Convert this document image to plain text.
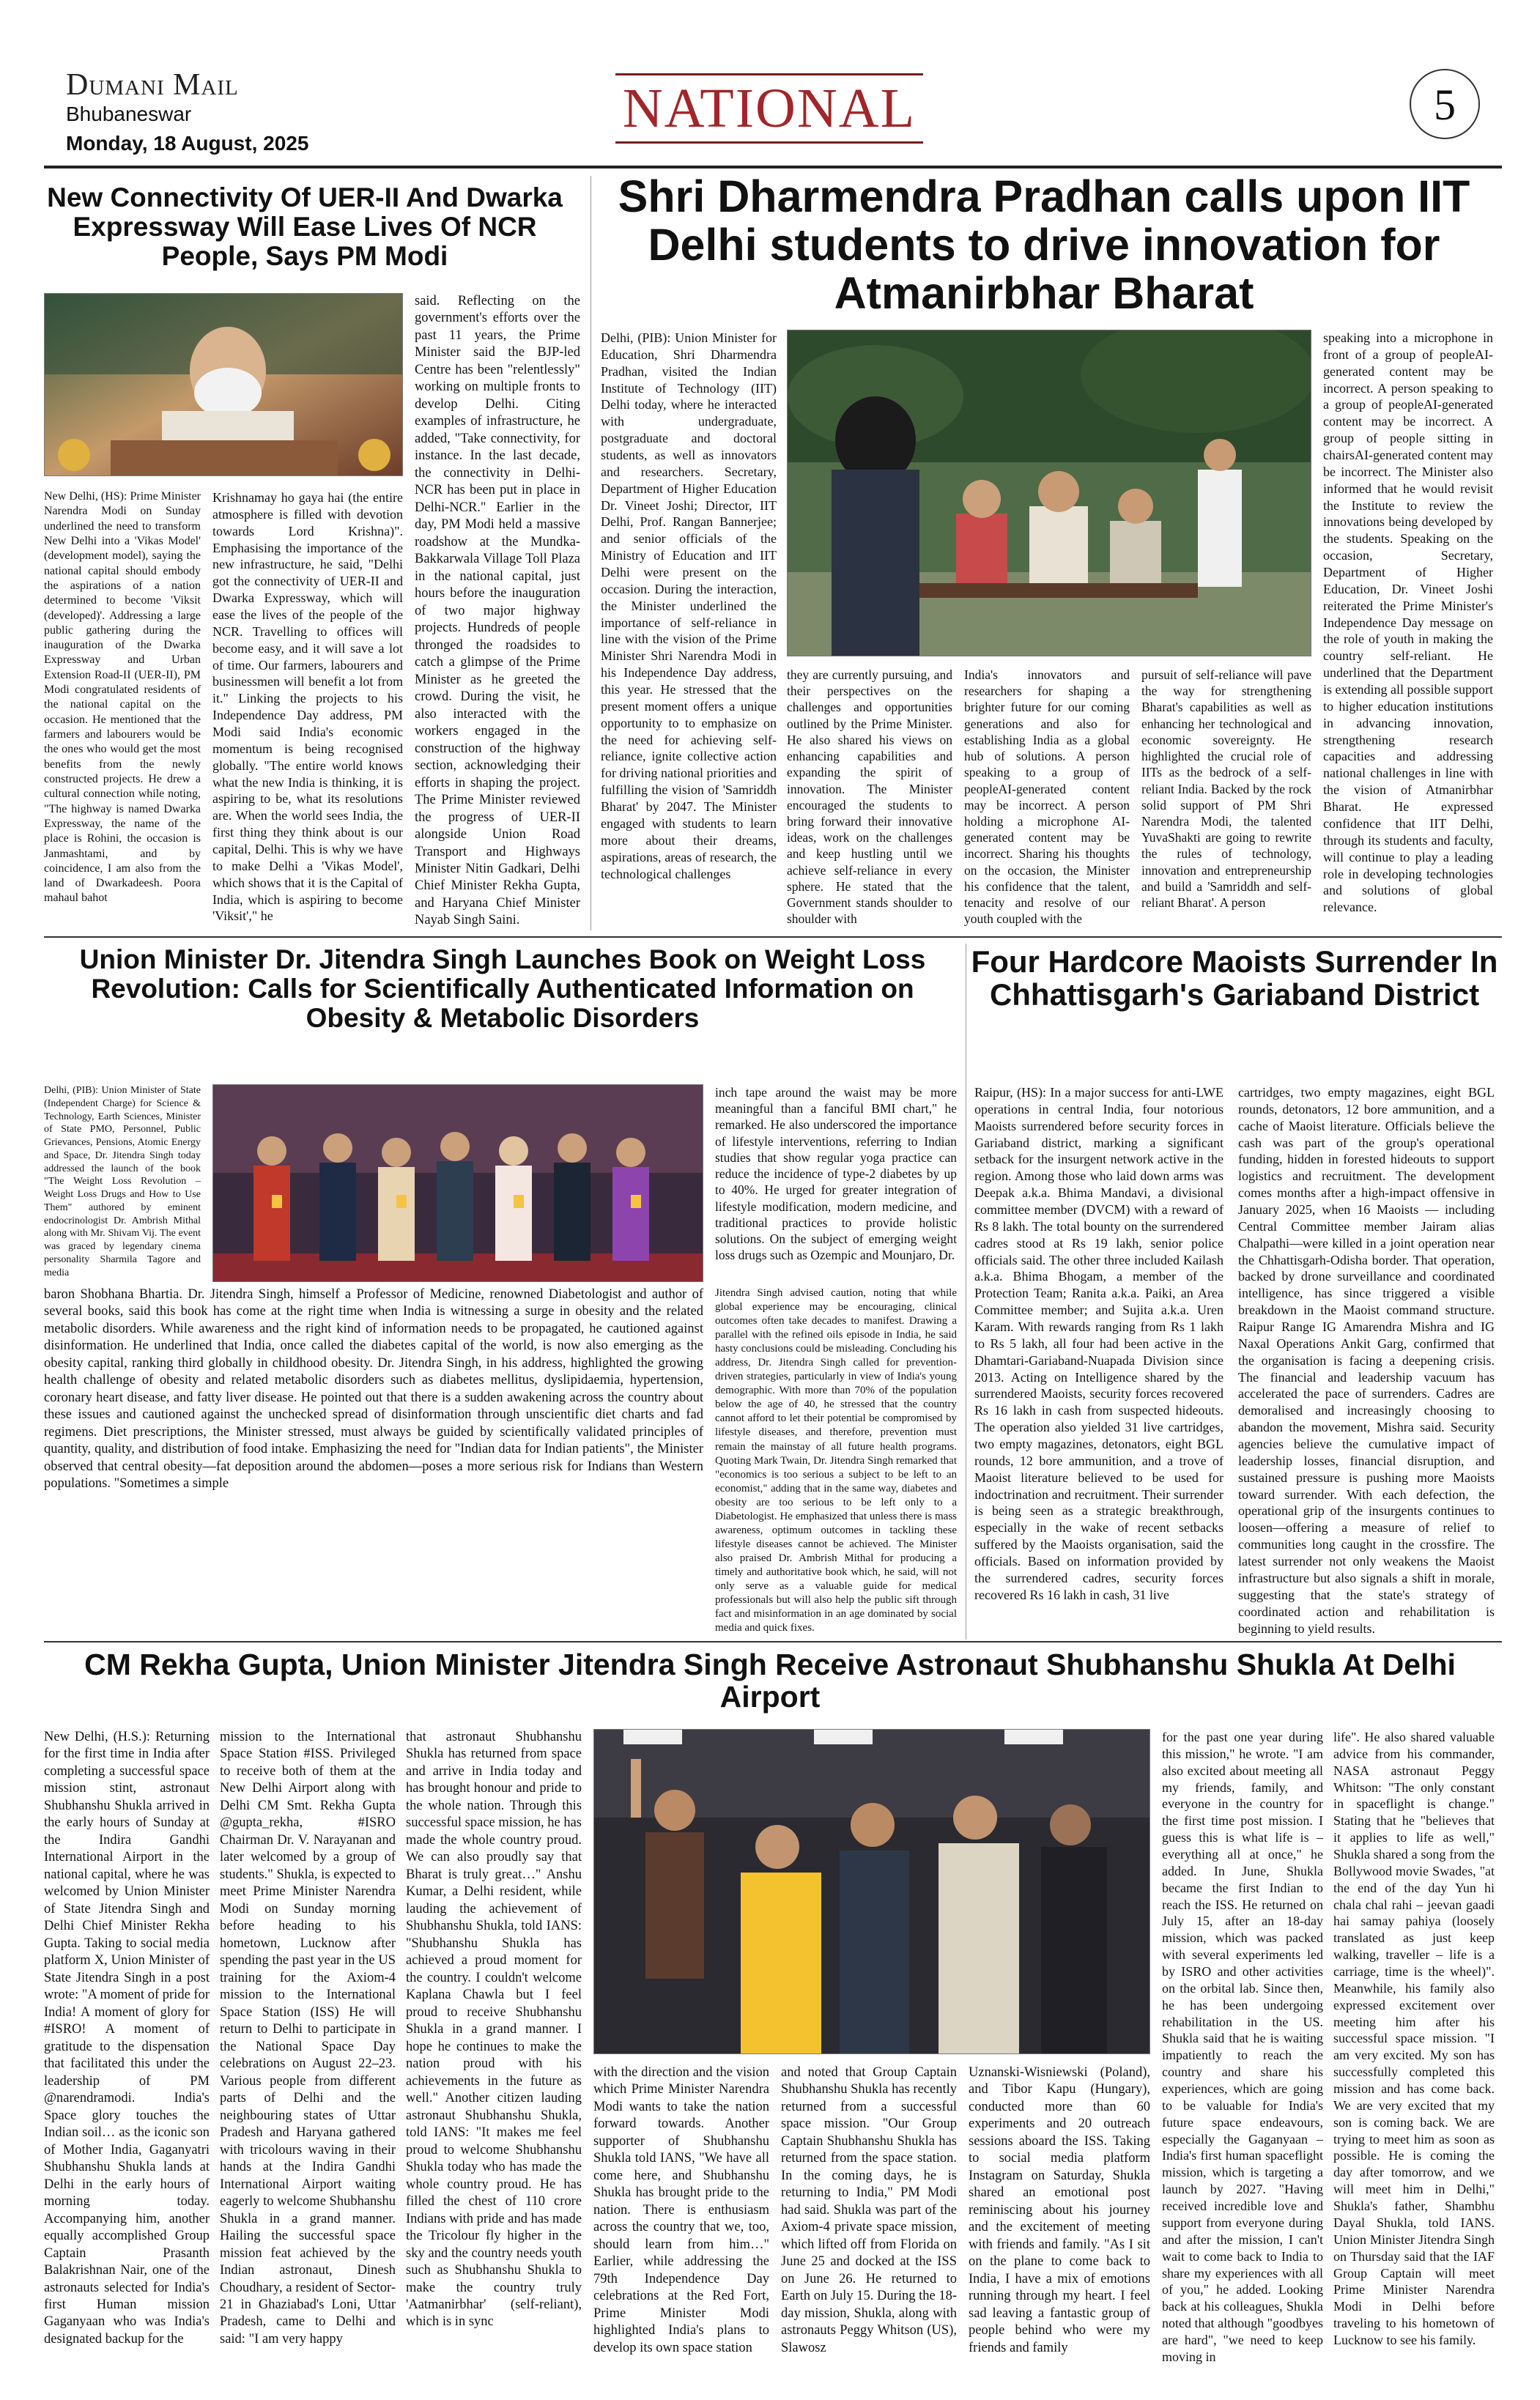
Dumani Mail
Bhubaneswar
Monday, 18 August, 2025
NATIONAL	5
New Connectivity Of UER-II And Dwarka Expressway Will Ease Lives Of NCR People, Says PM Modi
New Delhi, (HS): Prime Minister Narendra Modi on Sunday underlined the need to transform New Delhi into a 'Vikas Model' (development model), saying the national capital should embody the aspirations of a nation determined to become 'Viksit (developed)'. Addressing a large public gathering during the inauguration of the Dwarka Expressway and Urban Extension Road-II (UER-II), PM Modi congratulated residents of the national capital on the occasion. He mentioned that the farmers and labourers would be the ones who would get the most benefits from the newly constructed projects. He drew a cultural connection while noting, "The highway is named Dwarka Expressway, the name of the place is Rohini, the occasion is Janmashtami, and by coincidence, I am also from the land of Dwarkadeesh. Poora mahaul bahot
Krishnamay ho gaya hai (the entire atmosphere is filled with devotion towards Lord Krishna)". Emphasising the importance of the new infrastructure, he said, "Delhi got the connectivity of UER-II and Dwarka Expressway, which will ease the lives of the people of the NCR. Travelling to offices will become easy, and it will save a lot of time. Our farmers, labourers and businessmen will benefit a lot from it." Linking the projects to his Independence Day address, PM Modi said India's economic momentum is being recognised globally. "The entire world knows what the new India is thinking, it is aspiring to be, what its resolutions are. When the world sees India, the first thing they think about is our capital, Delhi. This is why we have to make Delhi a 'Vikas Model', which shows that it is the Capital of India, which is aspiring to become 'Viksit'," he
said. Reflecting on the government's efforts over the past 11 years, the Prime Minister said the BJP-led Centre has been "relentlessly" working on multiple fronts to develop Delhi. Citing examples of infrastructure, he added, "Take connectivity, for instance. In the last decade, the connectivity in Delhi-NCR has been put in place in Delhi-NCR." Earlier in the day, PM Modi held a massive roadshow at the Mundka-Bakkarwala Village Toll Plaza in the national capital, just hours before the inauguration of two major highway projects. Hundreds of people thronged the roadsides to catch a glimpse of the Prime Minister as he greeted the crowd. During the visit, he also interacted with the workers engaged in the construction of the highway section, acknowledging their efforts in shaping the project. The Prime Minister reviewed the progress of UER-II alongside Union Road Transport and Highways Minister Nitin Gadkari, Delhi Chief Minister Rekha Gupta, and Haryana Chief Minister Nayab Singh Saini.
Shri Dharmendra Pradhan calls upon IIT Delhi students to drive innovation for Atmanirbhar Bharat
Delhi, (PIB): Union Minister for Education, Shri Dharmendra Pradhan, visited the Indian Institute of Technology (IIT) Delhi today, where he interacted with undergraduate, postgraduate and doctoral students, as well as innovators and researchers. Secretary, Department of Higher Education Dr. Vineet Joshi; Director, IIT Delhi, Prof. Rangan Bannerjee; and senior officials of the Ministry of Education and IIT Delhi were present on the occasion. During the interaction, the Minister underlined the importance of self-reliance in line with the vision of the Prime Minister Shri Narendra Modi in his Independence Day address, this year. He stressed that the present moment offers a unique opportunity to to emphasize on the need for achieving self-reliance, ignite collective action for driving national priorities and fulfilling the vision of 'Samriddh Bharat' by 2047. The Minister engaged with students to learn more about their dreams, aspirations, areas of research, the technological challenges
they are currently pursuing, and their perspectives on the challenges and opportunities outlined by the Prime Minister. He also shared his views on enhancing capabilities and expanding the spirit of innovation. The Minister encouraged the students to bring forward their innovative ideas, work on the challenges and keep hustling until we achieve self-reliance in every sphere. He stated that the Government stands shoulder to shoulder with
India's innovators and researchers for shaping a brighter future for our coming generations and also for establishing India as a global hub of solutions. A person speaking to a group of peopleAI-generated content may be incorrect. A person holding a microphone AI-generated content may be incorrect. Sharing his thoughts on the occasion, the Minister his confidence that the talent, tenacity and resolve of our youth coupled with the
pursuit of self-reliance will pave the way for strengthening Bharat's capabilities as well as enhancing her technological and economic sovereignty. He highlighted the crucial role of IITs as the bedrock of a self-reliant India. Backed by the rock solid support of PM Shri Narendra Modi, the talented YuvaShakti are going to rewrite the rules of technology, innovation and entrepreneurship and build a 'Samriddh and self-reliant Bharat'. A person
speaking into a microphone in front of a group of peopleAI-generated content may be incorrect. A person speaking to a group of peopleAI-generated content may be incorrect. A group of people sitting in chairsAI-generated content may be incorrect. The Minister also informed that he would revisit the Institute to review the innovations being developed by the students. Speaking on the occasion, Secretary, Department of Higher Education, Dr. Vineet Joshi reiterated the Prime Minister's Independence Day message on the role of youth in making the country self-reliant. He underlined that the Department is extending all possible support to higher education institutions in advancing innovation, strengthening research capacities and addressing national challenges in line with the vision of Atmanirbhar Bharat. He expressed confidence that IIT Delhi, through its students and faculty, will continue to play a leading role in developing technologies and solutions of global relevance.
Union Minister Dr. Jitendra Singh Launches Book on Weight Loss Revolution: Calls for Scientifically Authenticated Information on Obesity & Metabolic Disorders
Delhi, (PIB): Union Minister of State (Independent Charge) for Science & Technology, Earth Sciences, Minister of State PMO, Personnel, Public Grievances, Pensions, Atomic Energy and Space, Dr. Jitendra Singh today addressed the launch of the book "The Weight Loss Revolution – Weight Loss Drugs and How to Use Them" authored by eminent endocrinologist Dr. Ambrish Mithal along with Mr. Shivam Vij. The event was graced by legendary cinema personality Sharmila Tagore and media
inch tape around the waist may be more meaningful than a fanciful BMI chart," he remarked. He also underscored the importance of lifestyle interventions, referring to Indian studies that show regular yoga practice can reduce the incidence of type-2 diabetes by up to 40%. He urged for greater integration of lifestyle modification, modern medicine, and traditional practices to provide holistic solutions. On the subject of emerging weight loss drugs such as Ozempic and Mounjaro, Dr.
baron Shobhana Bhartia. Dr. Jitendra Singh, himself a Professor of Medicine, renowned Diabetologist and author of several books, said this book has come at the right time when India is witnessing a surge in obesity and the related metabolic disorders. While awareness and the right kind of information needs to be propagated, he cautioned against disinformation. He underlined that India, once called the diabetes capital of the world, is now also emerging as the obesity capital, ranking third globally in childhood obesity. Dr. Jitendra Singh, in his address, highlighted the growing health challenge of obesity and related metabolic disorders such as diabetes mellitus, dyslipidaemia, hypertension, coronary heart disease, and fatty liver disease. He pointed out that there is a sudden awakening across the country about these issues and cautioned against the unchecked spread of disinformation through unscientific diet charts and fad regimens. Diet prescriptions, the Minister stressed, must always be guided by scientifically validated principles of quantity, quality, and distribution of food intake. Emphasizing the need for "Indian data for Indian patients", the Minister observed that central obesity—fat deposition around the abdomen—poses a more serious risk for Indians than Western populations. "Sometimes a simple
Jitendra Singh advised caution, noting that while global experience may be encouraging, clinical outcomes often take decades to manifest. Drawing a parallel with the refined oils episode in India, he said hasty conclusions could be misleading. Concluding his address, Dr. Jitendra Singh called for prevention-driven strategies, particularly in view of India's young demographic. With more than 70% of the population below the age of 40, he stressed that the country cannot afford to let their potential be compromised by lifestyle diseases, and therefore, prevention must remain the mainstay of all future health programs. Quoting Mark Twain, Dr. Jitendra Singh remarked that "economics is too serious a subject to be left to an economist," adding that in the same way, diabetes and obesity are too serious to be left only to a Diabetologist. He emphasized that unless there is mass awareness, optimum outcomes in tackling these lifestyle diseases cannot be achieved. The Minister also praised Dr. Ambrish Mithal for producing a timely and authoritative book which, he said, will not only serve as a valuable guide for medical professionals but will also help the public sift through fact and misinformation in an age dominated by social media and quick fixes.
Four Hardcore Maoists Surrender In Chhattisgarh's Gariaband District
Raipur, (HS): In a major success for anti-LWE operations in central India, four notorious Maoists surrendered before security forces in Gariaband district, marking a significant setback for the insurgent network active in the region. Among those who laid down arms was Deepak a.k.a. Bhima Mandavi, a divisional committee member (DVCM) with a reward of Rs 8 lakh. The total bounty on the surrendered cadres stood at Rs 19 lakh, senior police officials said. The other three included Kailash a.k.a. Bhima Bhogam, a member of the Protection Team; Ranita a.k.a. Paiki, an Area Committee member; and Sujita a.k.a. Uren Karam. With rewards ranging from Rs 1 lakh to Rs 5 lakh, all four had been active in the Dhamtari-Gariaband-Nuapada Division since 2013. Acting on Intelligence shared by the surrendered Maoists, security forces recovered Rs 16 lakh in cash from suspected hideouts. The operation also yielded 31 live cartridges, two empty magazines, detonators, eight BGL rounds, 12 bore ammunition, and a trove of Maoist literature believed to be used for indoctrination and recruitment. Their surrender is being seen as a strategic breakthrough, especially in the wake of recent setbacks suffered by the Maoists organisation, said the officials. Based on information provided by the surrendered cadres, security forces recovered Rs 16 lakh in cash, 31 live
cartridges, two empty magazines, eight BGL rounds, detonators, 12 bore ammunition, and a cache of Maoist literature. Officials believe the cash was part of the group's operational funding, hidden in forested hideouts to support logistics and recruitment. The development comes months after a high-impact offensive in January 2025, when 16 Maoists — including Central Committee member Jairam alias Chalpathi—were killed in a joint operation near the Chhattisgarh-Odisha border. That operation, backed by drone surveillance and coordinated intelligence, has since triggered a visible breakdown in the Maoist command structure. Raipur Range IG Amarendra Mishra and IG Naxal Operations Ankit Garg, confirmed that the organisation is facing a deepening crisis. The financial and leadership vacuum has accelerated the pace of surrenders. Cadres are demoralised and increasingly choosing to abandon the movement, Mishra said. Security agencies believe the cumulative impact of leadership losses, financial disruption, and sustained pressure is pushing more Maoists toward surrender. With each defection, the operational grip of the insurgents continues to loosen—offering a measure of relief to communities long caught in the crossfire. The latest surrender not only weakens the Maoist infrastructure but also signals a shift in morale, suggesting that the state's strategy of coordinated action and rehabilitation is beginning to yield results.
CM Rekha Gupta, Union Minister Jitendra Singh Receive Astronaut Shubhanshu Shukla At Delhi Airport
New Delhi, (H.S.): Returning for the first time in India after completing a successful space mission stint, astronaut Shubhanshu Shukla arrived in the early hours of Sunday at the Indira Gandhi International Airport in the national capital, where he was welcomed by Union Minister of State Jitendra Singh and Delhi Chief Minister Rekha Gupta. Taking to social media platform X, Union Minister of State Jitendra Singh in a post wrote: "A moment of pride for India! A moment of glory for #ISRO! A moment of gratitude to the dispensation that facilitated this under the leadership of PM @narendramodi. India's Space glory touches the Indian soil… as the iconic son of Mother India, Gaganyatri Shubhanshu Shukla lands at Delhi in the early hours of morning today. Accompanying him, another equally accomplished Group Captain Prasanth Balakrishnan Nair, one of the astronauts selected for India's first Human mission Gaganyaan who was India's designated backup for the
mission to the International Space Station #ISS. Privileged to receive both of them at the New Delhi Airport along with Delhi CM Smt. Rekha Gupta @gupta_rekha, #ISRO Chairman Dr. V. Narayanan and later welcomed by a group of students." Shukla, is expected to meet Prime Minister Narendra Modi on Sunday morning before heading to his hometown, Lucknow after spending the past year in the US training for the Axiom-4 mission to the International Space Station (ISS) He will return to Delhi to participate in the National Space Day celebrations on August 22–23. Various people from different parts of Delhi and the neighbouring states of Uttar Pradesh and Haryana gathered with tricolours waving in their hands at the Indira Gandhi International Airport waiting eagerly to welcome Shubhanshu Shukla in a grand manner. Hailing the successful space mission feat achieved by the Indian astronaut, Dinesh Choudhary, a resident of Sector-21 in Ghaziabad's Loni, Uttar Pradesh, came to Delhi and said: "I am very happy
that astronaut Shubhanshu Shukla has returned from space and arrive in India today and has brought honour and pride to the whole nation. Through this successful space mission, he has made the whole country proud. We can also proudly say that Bharat is truly great…" Anshu Kumar, a Delhi resident, while lauding the achievement of Shubhanshu Shukla, told IANS: "Shubhanshu Shukla has achieved a proud moment for the country. I couldn't welcome Kaplana Chawla but I feel proud to receive Shubhanshu Shukla in a grand manner. I hope he continues to make the nation proud with his achievements in the future as well." Another citizen lauding astronaut Shubhanshu Shukla, told IANS: "It makes me feel proud to welcome Shubhanshu Shukla today who has made the whole country proud. He has filled the chest of 110 crore Indians with pride and has made the Tricolour fly higher in the sky and the country needs youth such as Shubhanshu Shukla to make the country truly 'Aatmanirbhar' (self-reliant), which is in sync
with the direction and the vision which Prime Minister Narendra Modi wants to take the nation forward towards. Another supporter of Shubhanshu Shukla told IANS, "We have all come here, and Shubhanshu Shukla has brought pride to the nation. There is enthusiasm across the country that we, too, should learn from him…" Earlier, while addressing the 79th Independence Day celebrations at the Red Fort, Prime Minister Modi highlighted India's plans to develop its own space station
and noted that Group Captain Shubhanshu Shukla has recently returned from a successful space mission. "Our Group Captain Shubhanshu Shukla has returned from the space station. In the coming days, he is returning to India," PM Modi had said. Shukla was part of the Axiom-4 private space mission, which lifted off from Florida on June 25 and docked at the ISS on June 26. He returned to Earth on July 15. During the 18-day mission, Shukla, along with astronauts Peggy Whitson (US), Slawosz
Uznanski-Wisniewski (Poland), and Tibor Kapu (Hungary), conducted more than 60 experiments and 20 outreach sessions aboard the ISS. Taking to social media platform Instagram on Saturday, Shukla shared an emotional post reminiscing about his journey and the excitement of meeting with friends and family. "As I sit on the plane to come back to India, I have a mix of emotions running through my heart. I feel sad leaving a fantastic group of people behind who were my friends and family
for the past one year during this mission," he wrote. "I am also excited about meeting all my friends, family, and everyone in the country for the first time post mission. I guess this is what life is – everything all at once," he added. In June, Shukla became the first Indian to reach the ISS. He returned on July 15, after an 18-day mission, which was packed with several experiments led by ISRO and other activities on the orbital lab. Since then, he has been undergoing rehabilitation in the US. Shukla said that he is waiting impatiently to reach the country and share his experiences, which are going to be valuable for India's future space endeavours, especially the Gaganyaan – India's first human spaceflight mission, which is targeting a launch by 2027. "Having received incredible love and support from everyone during and after the mission, I can't wait to come back to India to share my experiences with all of you," he added. Looking back at his colleagues, Shukla noted that although "goodbyes are hard", "we need to keep moving in
life". He also shared valuable advice from his commander, NASA astronaut Peggy Whitson: "The only constant in spaceflight is change." Stating that he "believes that it applies to life as well," Shukla shared a song from the Bollywood movie Swades, "at the end of the day Yun hi chala chal rahi – jeevan gaadi hai samay pahiya (loosely translated as just keep walking, traveller – life is a carriage, time is the wheel)". Meanwhile, his family also expressed excitement over meeting him after his successful space mission. "I am very excited. My son has successfully completed this mission and has come back. We are very excited that my son is coming back. We are trying to meet him as soon as possible. He is coming the day after tomorrow, and we will meet him in Delhi," Shukla's father, Shambhu Dayal Shukla, told IANS. Union Minister Jitendra Singh on Thursday said that the IAF Group Captain will meet Prime Minister Narendra Modi in Delhi before traveling to his hometown of Lucknow to see his family.
